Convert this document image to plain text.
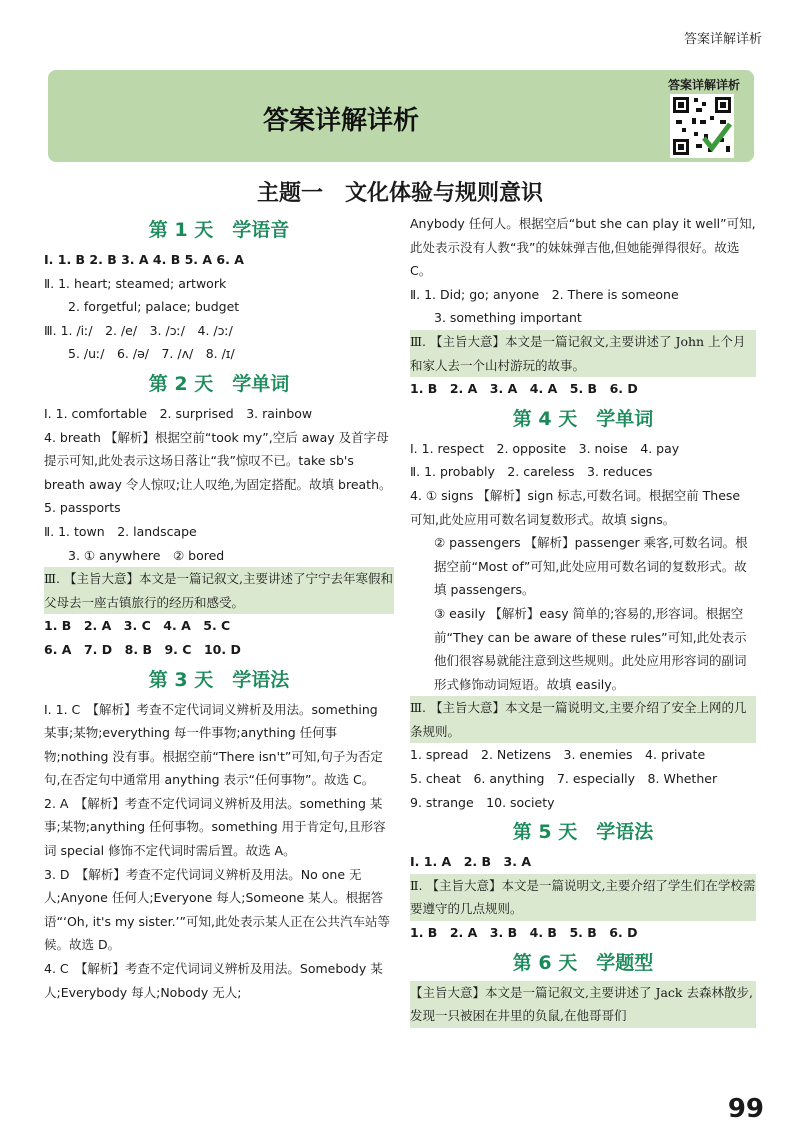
答案详解详析
答案详解详析
答案详解详析
主题一　文化体验与规则意识
第 1 天　学语音
Ⅰ. 1. B 2. B 3. A 4. B 5. A 6. A
Ⅱ. 1. heart; steamed; artwork
2. forgetful; palace; budget
Ⅲ. 1. /iː/　2. /e/　3. /ɔː/　4. /ɔː/
5. /uː/　6. /ə/　7. /ʌ/　8. /ɪ/
第 2 天　学单词
Ⅰ. 1. comfortable　2. surprised　3. rainbow
4. breath 【解析】根据空前“took my”,空后 away 及首字母提示可知,此处表示这场日落让“我”惊叹不已。take sb's breath away 令人惊叹;让人叹绝,为固定搭配。故填 breath。
5. passports
Ⅱ. 1. town　2. landscape
3. ① anywhere　② bored
Ⅲ. 【主旨大意】本文是一篇记叙文,主要讲述了宁宁去年寒假和父母去一座古镇旅行的经历和感受。
1. B　2. A　3. C　4. A　5. C
6. A　7. D　8. B　9. C　10. D
第 3 天　学语法
Ⅰ. 1. C　【解析】考查不定代词词义辨析及用法。something 某事;某物;everything 每一件事物;anything 任何事物;nothing 没有事。根据空前“There isn't”可知,句子为否定句,在否定句中通常用 anything 表示“任何事物”。故选 C。
2. A　【解析】考查不定代词词义辨析及用法。something 某事;某物;anything 任何事物。something 用于肯定句,且形容词 special 修饰不定代词时需后置。故选 A。
3. D　【解析】考查不定代词词义辨析及用法。No one 无人;Anyone 任何人;Everyone 每人;Someone 某人。根据答语“‘Oh, it's my sister.’”可知,此处表示某人正在公共汽车站等候。故选 D。
4. C　【解析】考查不定代词词义辨析及用法。Somebody 某人;Everybody 每人;Nobody 无人;
Anybody 任何人。根据空后“but she can play it well”可知,此处表示没有人教“我”的妹妹弹吉他,但她能弹得很好。故选 C。
Ⅱ. 1. Did; go; anyone　2. There is someone
3. something important
Ⅲ. 【主旨大意】本文是一篇记叙文,主要讲述了 John 上个月和家人去一个山村游玩的故事。
1. B　2. A　3. A　4. A　5. B　6. D
第 4 天　学单词
Ⅰ. 1. respect　2. opposite　3. noise　4. pay
Ⅱ. 1. probably　2. careless　3. reduces
4. ① signs 【解析】sign 标志,可数名词。根据空前 These 可知,此处应用可数名词复数形式。故填 signs。
② passengers 【解析】passenger 乘客,可数名词。根据空前“Most of”可知,此处应用可数名词的复数形式。故填 passengers。
③ easily 【解析】easy 简单的;容易的,形容词。根据空前“They can be aware of these rules”可知,此处表示他们很容易就能注意到这些规则。此处应用形容词的副词形式修饰动词短语。故填 easily。
Ⅲ. 【主旨大意】本文是一篇说明文,主要介绍了安全上网的几条规则。
1. spread　2. Netizens　3. enemies　4. private
5. cheat　6. anything　7. especially　8. Whether
9. strange　10. society
第 5 天　学语法
Ⅰ. 1. A　2. B　3. A
Ⅱ. 【主旨大意】本文是一篇说明文,主要介绍了学生们在学校需要遵守的几点规则。
1. B　2. A　3. B　4. B　5. B　6. D
第 6 天　学题型
【主旨大意】本文是一篇记叙文,主要讲述了 Jack 去森林散步,发现一只被困在井里的负鼠,在他哥哥们
99
